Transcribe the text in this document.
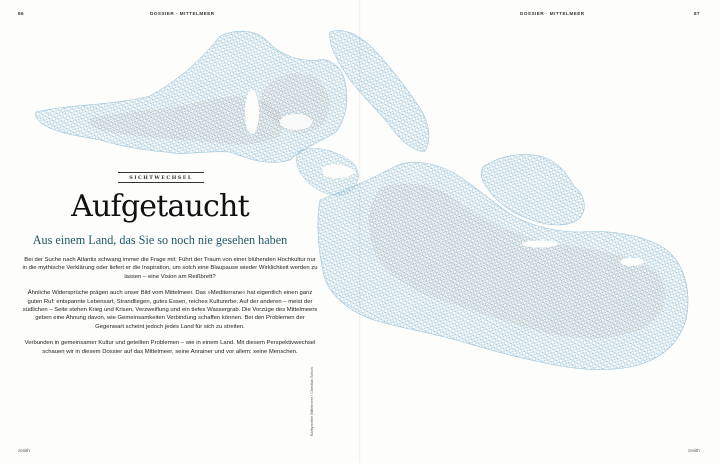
86	DOSSIER · MITTELMEER	DOSSIER · MITTELMEER	87
SICHTWECHSEL
Aufgetaucht
Aus einem Land, das Sie so noch nie gesehen haben

Bei der Suche nach Atlantis schwang immer die Frage mit: Führt der Traum von einer blühenden Hochkultur nur in die mythische Verklärung oder liefert er die Inspiration, um solch eine Blaupause wieder Wirklichkeit werden zu lassen – eine Vision am Reißbrett?

Ähnliche Widersprüche prägen auch unser Bild vom Mittelmeer. Das »Mediterrane« hat eigentlich einen ganz guten Ruf: entspannte Lebensart, Strandliegen, gutes Essen, reiches Kulturerbe. Auf der anderen – meist der südlichen – Seite stehen Krieg und Krisen, Verzweiflung und ein tiefes Wassergrab. Die Vorzüge des Mittelmeers geben eine Ahnung davon, wie Gemeinsamkeiten Verbindung schaffen können. Bei den Problemen der Gegenwart scheint jedoch jedes Land für sich zu streiten.

Verbunden in gemeinsamer Kultur und geteilten Problemen – wie in einem Land. Mit diesem Perspektivwechsel schauen wir in diesem Dossier auf das Mittelmeer, seine Anrainer und vor allem: seine Menschen.

Bathymetrie Mittelmeer / Christian Bösch
zenith	zenith
